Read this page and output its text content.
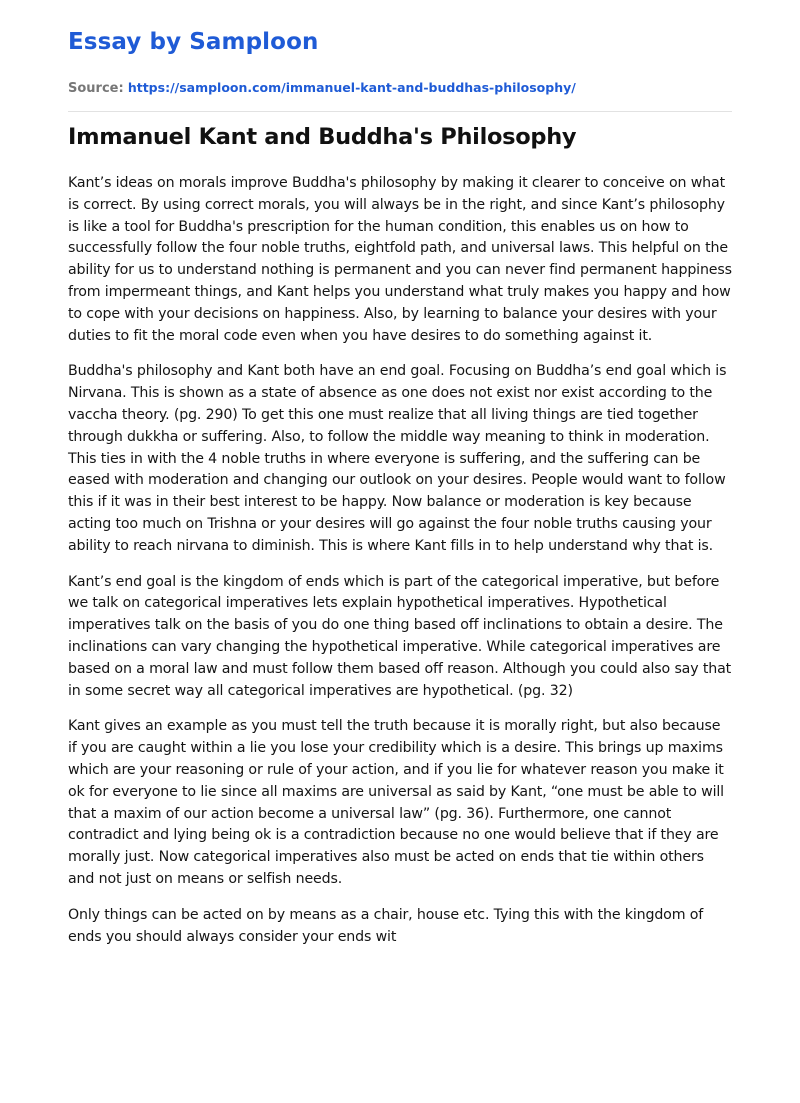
Essay by Samploon
Source: https://samploon.com/immanuel-kant-and-buddhas-philosophy/
Immanuel Kant and Buddha's Philosophy

Kant’s ideas on morals improve Buddha's philosophy by making it clearer to conceive on what is correct. By using correct morals, you will always be in the right, and since Kant’s philosophy is like a tool for Buddha's prescription for the human condition, this enables us on how to successfully follow the four noble truths, eightfold path, and universal laws. This helpful on the ability for us to understand nothing is permanent and you can never find permanent happiness from impermeant things, and Kant helps you understand what truly makes you happy and how to cope with your decisions on happiness. Also, by learning to balance your desires with your duties to fit the moral code even when you have desires to do something against it.

Buddha's philosophy and Kant both have an end goal. Focusing on Buddha’s end goal which is Nirvana. This is shown as a state of absence as one does not exist nor exist according to the vaccha theory. (pg. 290) To get this one must realize that all living things are tied together through dukkha or suffering. Also, to follow the middle way meaning to think in moderation. This ties in with the 4 noble truths in where everyone is suffering, and the suffering can be eased with moderation and changing our outlook on your desires. People would want to follow this if it was in their best interest to be happy. Now balance or moderation is key because acting too much on Trishna or your desires will go against the four noble truths causing your ability to reach nirvana to diminish. This is where Kant fills in to help understand why that is.

Kant’s end goal is the kingdom of ends which is part of the categorical imperative, but before we talk on categorical imperatives lets explain hypothetical imperatives. Hypothetical imperatives talk on the basis of you do one thing based off inclinations to obtain a desire. The inclinations can vary changing the hypothetical imperative. While categorical imperatives are based on a moral law and must follow them based off reason. Although you could also say that in some secret way all categorical imperatives are hypothetical. (pg. 32)

Kant gives an example as you must tell the truth because it is morally right, but also because if you are caught within a lie you lose your credibility which is a desire. This brings up maxims which are your reasoning or rule of your action, and if you lie for whatever reason you make it ok for everyone to lie since all maxims are universal as said by Kant, “one must be able to will that a maxim of our action become a universal law” (pg. 36). Furthermore, one cannot contradict and lying being ok is a contradiction because no one would believe that if they are morally just. Now categorical imperatives also must be acted on ends that tie within others and not just on means or selfish needs.

Only things can be acted on by means as a chair, house etc. Tying this with the kingdom of ends you should always consider your ends wit
